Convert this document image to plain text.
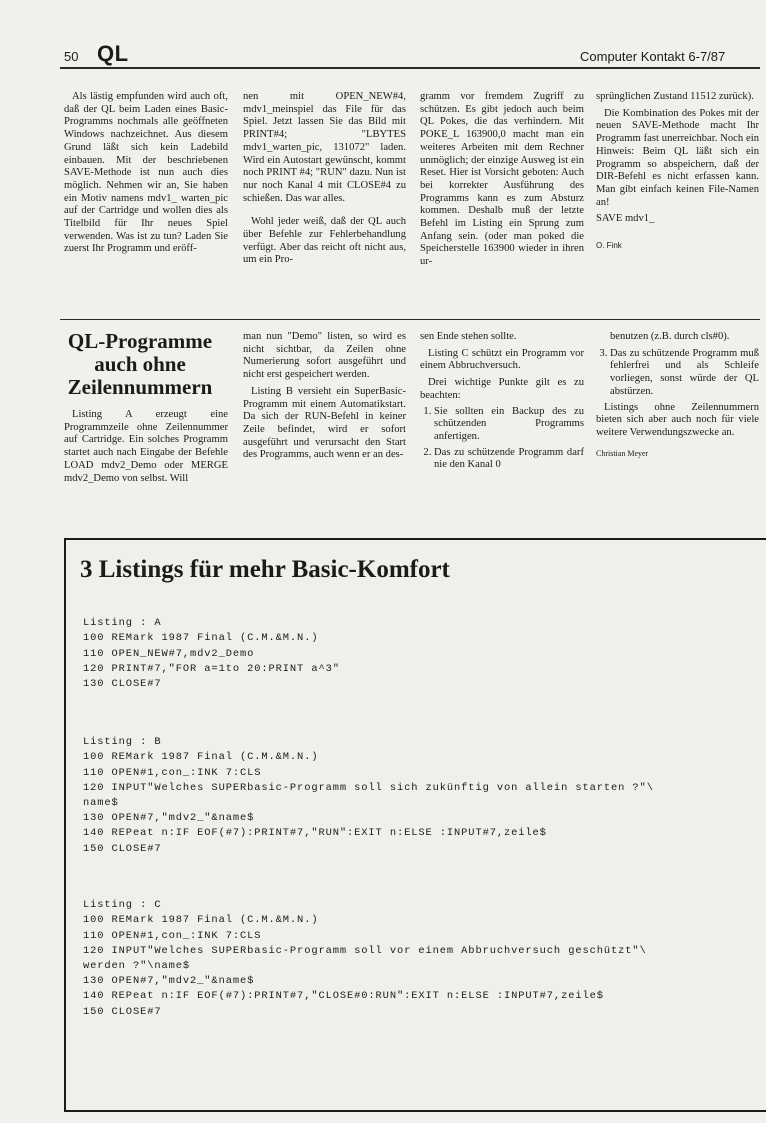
50 QL	Computer Kontakt 6-7/87

Als lästig empfunden wird auch oft, daß der QL beim Laden eines Basic-Programms nochmals alle geöffneten Windows nachzeichnet. Aus diesem Grund läßt sich kein Ladebild einbauen. Mit der beschriebenen SAVE-Methode ist nun auch dies möglich. Nehmen wir an, Sie haben ein Motiv namens mdv1_ warten_pic auf der Cartridge und wollen dies als Titelbild für Ihr neues Spiel verwenden. Was ist zu tun? Laden Sie zuerst Ihr Programm und eröff-

nen mit OPEN_NEW#4, mdv1_meinspiel das File für das Spiel. Jetzt lassen Sie das Bild mit PRINT#4; "LBYTES mdv1_warten_pic, 131072" laden. Wird ein Autostart gewünscht, kommt noch PRINT #4; "RUN" dazu. Nun ist nur noch Kanal 4 mit CLOSE#4 zu schießen. Das war alles.

Wohl jeder weiß, daß der QL auch über Befehle zur Fehlerbehandlung verfügt. Aber das reicht oft nicht aus, um ein Pro-

gramm vor fremdem Zugriff zu schützen. Es gibt jedoch auch beim QL Pokes, die das verhindern. Mit POKE_L 163900,0 macht man ein weiteres Arbeiten mit dem Rechner unmöglich; der einzige Ausweg ist ein Reset. Hier ist Vorsicht geboten: Auch bei korrekter Ausführung des Programms kann es zum Absturz kommen. Deshalb muß der letzte Befehl im Listing ein Sprung zum Anfang sein. (oder man poked die Speicherstelle 163900 wieder in ihren ur-

sprünglichen Zustand 11512 zurück).

Die Kombination des Pokes mit der neuen SAVE-Methode macht Ihr Programm fast unerreichbar. Noch ein Hinweis: Beim QL läßt sich ein Programm so abspeichern, daß der DIR-Befehl es nicht erfassen kann. Man gibt einfach keinen File-Namen an!

SAVE mdv1_

O. Fink

QL-Programme auch ohne Zeilennummern

Listing A erzeugt eine Programmzeile ohne Zeilennummer auf Cartridge. Ein solches Programm startet auch nach Eingabe der Befehle LOAD mdv2_Demo oder MERGE mdv2_Demo von selbst. Will

man nun "Demo" listen, so wird es nicht sichtbar, da Zeilen ohne Numerierung sofort ausgeführt und nicht erst gespeichert werden.

Listing B versieht ein SuperBasic-Programm mit einem Automatikstart. Da sich der RUN-Befehl in keiner Zeile befindet, wird er sofort ausgeführt und verursacht den Start des Programms, auch wenn er an des-

sen Ende stehen sollte.

Listing C schützt ein Programm vor einem Abbruchversuch.

Drei wichtige Punkte gilt es zu beachten:

1. Sie sollten ein Backup des zu schützenden Programms anfertigen.
2. Das zu schützende Programm darf nie den Kanal 0

benutzen (z.B. durch cls#0).

3. Das zu schützende Programm muß fehlerfrei und als Schleife vorliegen, sonst würde der QL abstürzen.

Listings ohne Zeilennummern bieten sich aber auch noch für viele weitere Verwendungszwecke an.

Christian Meyer

3 Listings für mehr Basic-Komfort

Listing : A
100 REMark 1987 Final (C.M.&M.N.)
110 OPEN_NEW#7,mdv2_Demo
120 PRINT#7,"FOR a=1to 20:PRINT a^3"
130 CLOSE#7

Listing : B
100 REMark 1987 Final (C.M.&M.N.)
110 OPEN#1,con_:INK 7:CLS
120 INPUT"Welches SUPERbasic-Programm soll sich zukünftig von allein starten ?"\
name$
130 OPEN#7,"mdv2_"&name$
140 REPeat n:IF EOF(#7):PRINT#7,"RUN":EXIT n:ELSE :INPUT#7,zeile$
150 CLOSE#7

Listing : C
100 REMark 1987 Final (C.M.&M.N.)
110 OPEN#1,con_:INK 7:CLS
120 INPUT"Welches SUPERbasic-Programm soll vor einem Abbruchversuch geschützt"\
werden ?"\name$
130 OPEN#7,"mdv2_"&name$
140 REPeat n:IF EOF(#7):PRINT#7,"CLOSE#0:RUN":EXIT n:ELSE :INPUT#7,zeile$
150 CLOSE#7
